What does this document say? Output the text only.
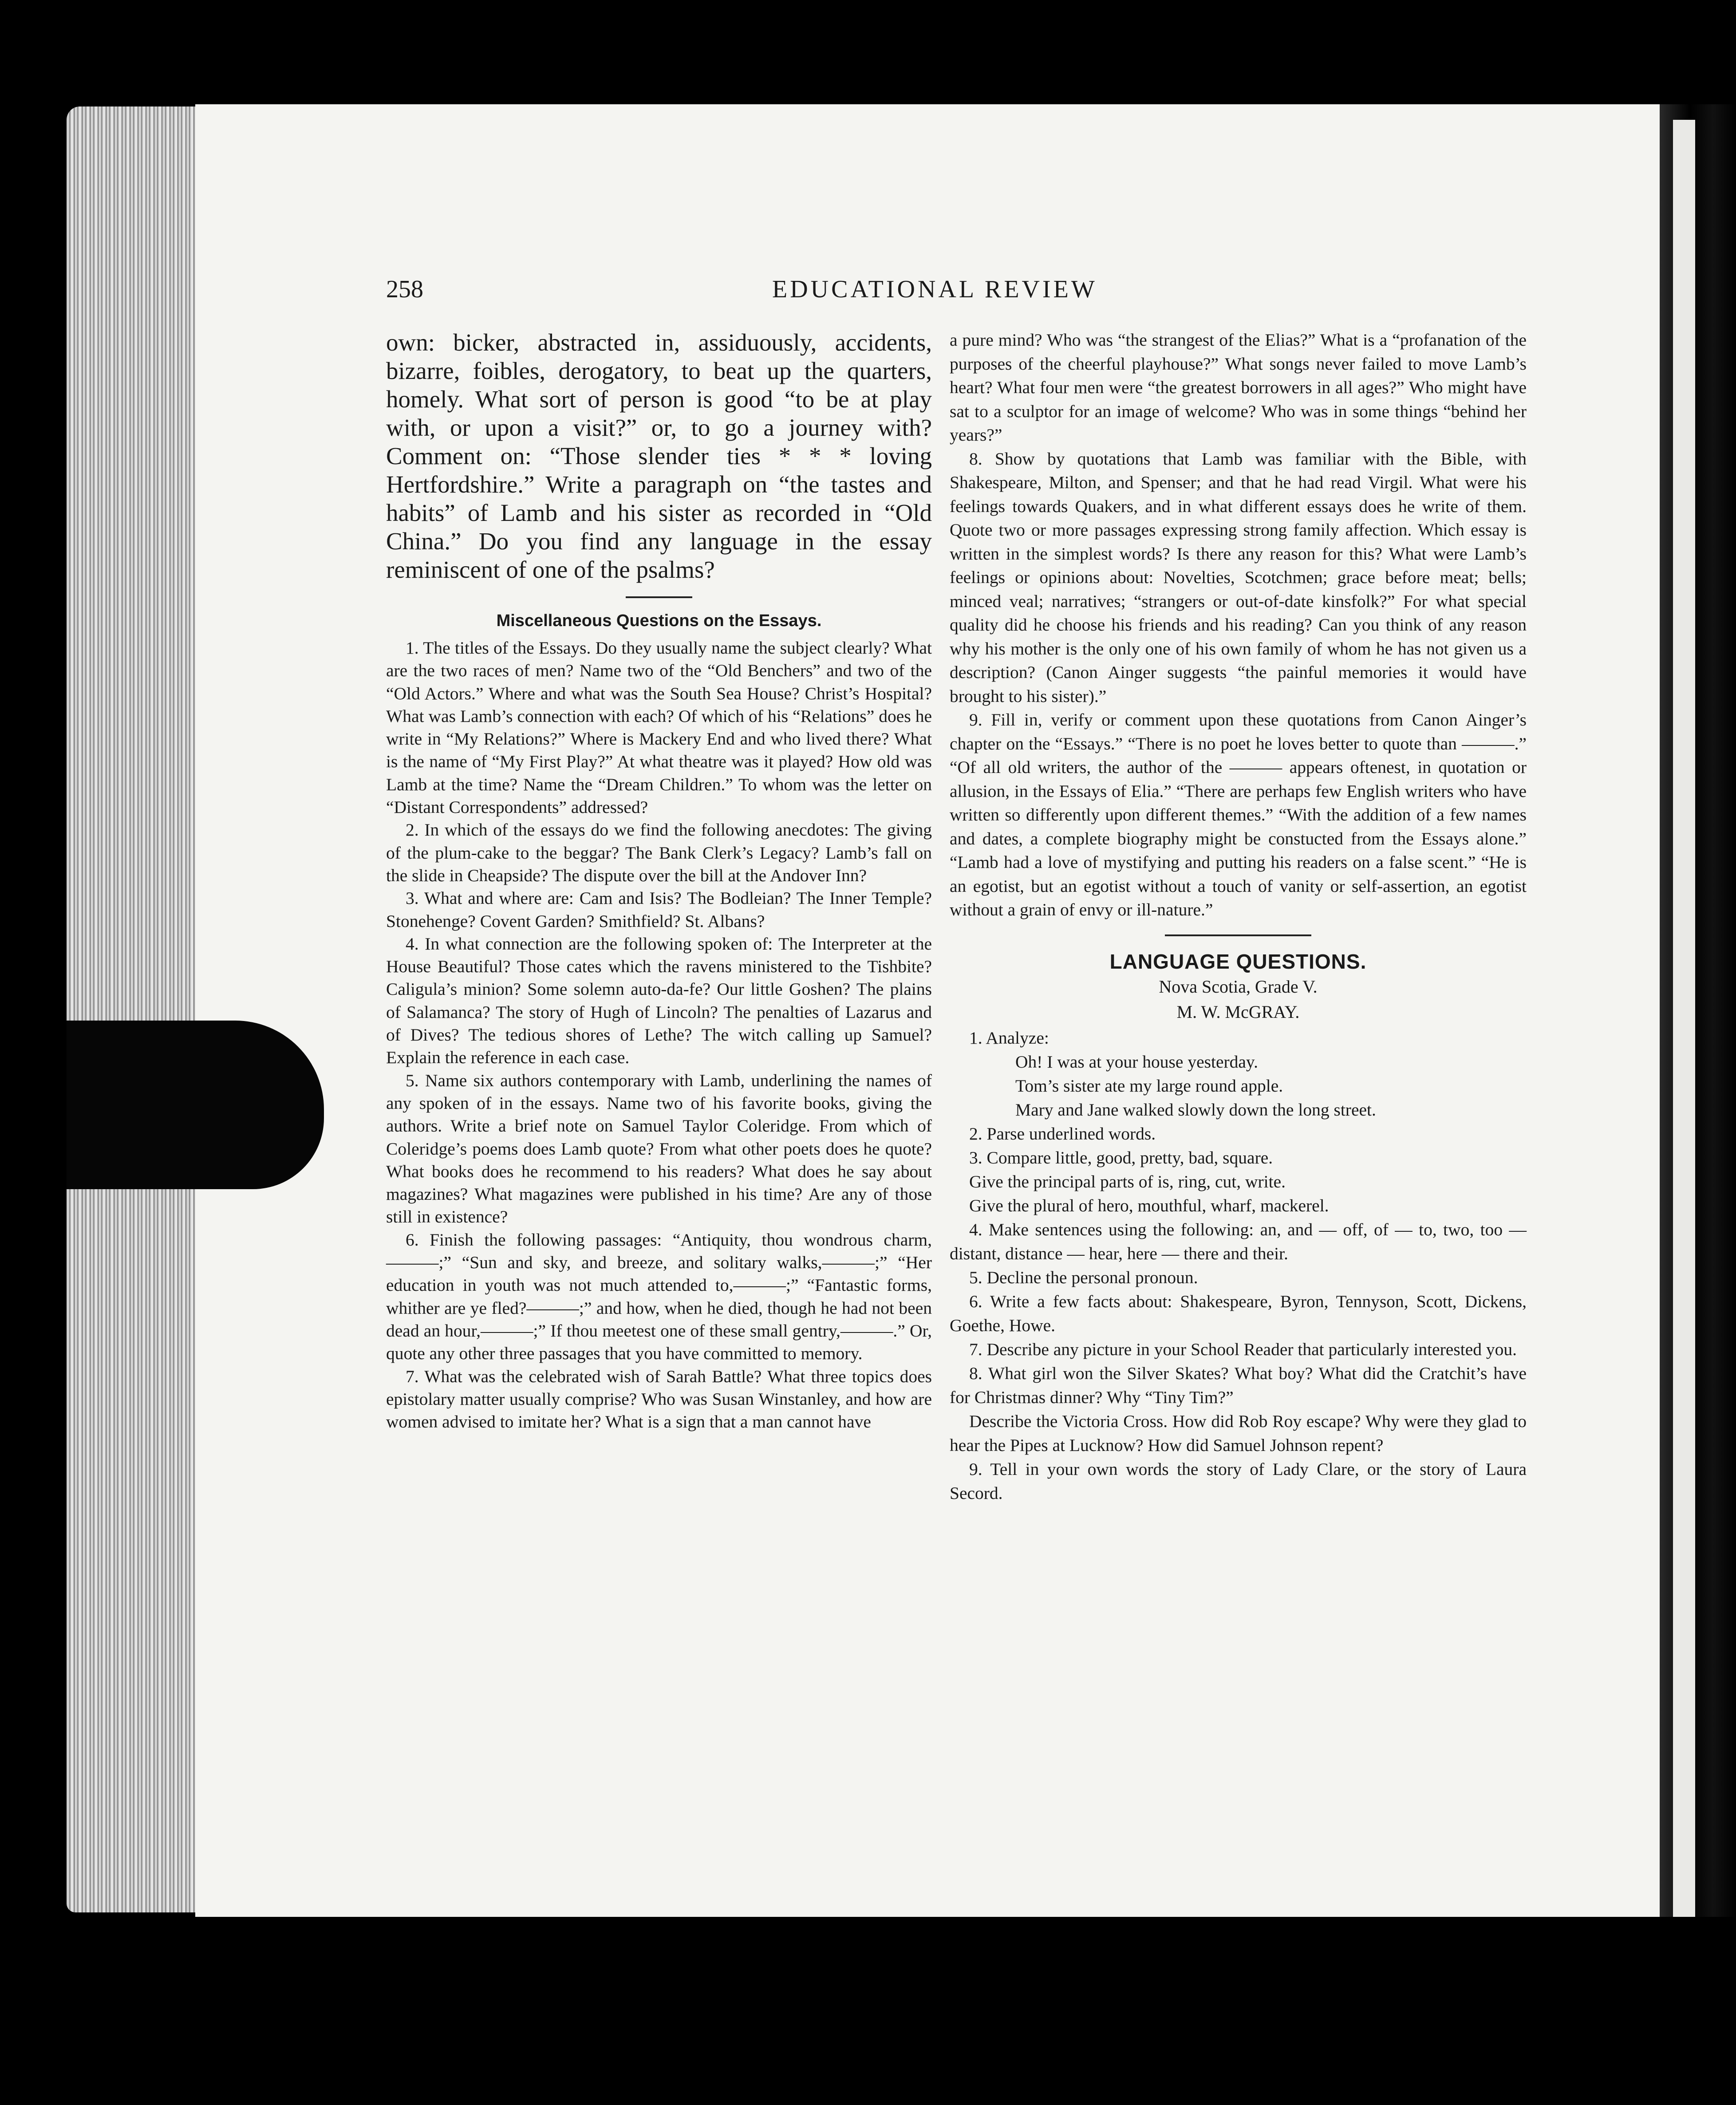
258	EDUCATIONAL REVIEW

own: bicker, abstracted in, assiduously, accidents, bizarre, foibles, derogatory, to beat up the quarters, homely. What sort of person is good “to be at play with, or upon a visit?” or, to go a journey with? Comment on: “Those slender ties * * * loving Hertfordshire.” Write a paragraph on “the tastes and habits” of Lamb and his sister as recorded in “Old China.” Do you find any language in the essay reminiscent of one of the psalms?

Miscellaneous Questions on the Essays.

1. The titles of the Essays. Do they usually name the subject clearly? What are the two races of men? Name two of the “Old Benchers” and two of the “Old Actors.” Where and what was the South Sea House? Christ’s Hospital? What was Lamb’s connection with each? Of which of his “Relations” does he write in “My Relations?” Where is Mackery End and who lived there? What is the name of “My First Play?” At what theatre was it played? How old was Lamb at the time? Name the “Dream Children.” To whom was the letter on “Distant Correspondents” addressed?

2. In which of the essays do we find the following anecdotes: The giving of the plum-cake to the beggar? The Bank Clerk’s Legacy? Lamb’s fall on the slide in Cheapside? The dispute over the bill at the Andover Inn?

3. What and where are: Cam and Isis? The Bodleian? The Inner Temple? Stonehenge? Covent Garden? Smithfield? St. Albans?

4. In what connection are the following spoken of: The Interpreter at the House Beautiful? Those cates which the ravens ministered to the Tishbite? Caligula’s minion? Some solemn auto-da-fe? Our little Goshen? The plains of Salamanca? The story of Hugh of Lincoln? The penalties of Lazarus and of Dives? The tedious shores of Lethe? The witch calling up Samuel? Explain the reference in each case.

5. Name six authors contemporary with Lamb, underlining the names of any spoken of in the essays. Name two of his favorite books, giving the authors. Write a brief note on Samuel Taylor Coleridge. From which of Coleridge’s poems does Lamb quote? From what other poets does he quote? What books does he recommend to his readers? What does he say about magazines? What magazines were published in his time? Are any of those still in existence?

6. Finish the following passages: “Antiquity, thou wondrous charm,———;” “Sun and sky, and breeze, and solitary walks,———;” “Her education in youth was not much attended to,———;” “Fantastic forms, whither are ye fled?———;” and how, when he died, though he had not been dead an hour,———;” If thou meetest one of these small gentry,———.” Or, quote any other three passages that you have committed to memory.

7. What was the celebrated wish of Sarah Battle? What three topics does epistolary matter usually comprise? Who was Susan Winstanley, and how are women advised to imitate her? What is a sign that a man cannot have

a pure mind? Who was “the strangest of the Elias?” What is a “profanation of the purposes of the cheerful playhouse?” What songs never failed to move Lamb’s heart? What four men were “the greatest borrowers in all ages?” Who might have sat to a sculptor for an image of welcome? Who was in some things “behind her years?”

8. Show by quotations that Lamb was familiar with the Bible, with Shakespeare, Milton, and Spenser; and that he had read Virgil. What were his feelings towards Quakers, and in what different essays does he write of them. Quote two or more passages expressing strong family affection. Which essay is written in the simplest words? Is there any reason for this? What were Lamb’s feelings or opinions about: Novelties, Scotchmen; grace before meat; bells; minced veal; narratives; “strangers or out-of-date kinsfolk?” For what special quality did he choose his friends and his reading? Can you think of any reason why his mother is the only one of his own family of whom he has not given us a description? (Canon Ainger suggests “the painful memories it would have brought to his sister).”

9. Fill in, verify or comment upon these quotations from Canon Ainger’s chapter on the “Essays.” “There is no poet he loves better to quote than ———.” “Of all old writers, the author of the ——— appears oftenest, in quotation or allusion, in the Essays of Elia.” “There are perhaps few English writers who have written so differently upon different themes.” “With the addition of a few names and dates, a complete biography might be constucted from the Essays alone.” “Lamb had a love of mystifying and putting his readers on a false scent.” “He is an egotist, but an egotist without a touch of vanity or self-assertion, an egotist without a grain of envy or ill-nature.”

LANGUAGE QUESTIONS.

Nova Scotia, Grade V.

M. W. McGRAY.

1. Analyze:

Oh! I was at your house yesterday.

Tom’s sister ate my large round apple.

Mary and Jane walked slowly down the long street.

2. Parse underlined words.

3. Compare little, good, pretty, bad, square.

Give the principal parts of is, ring, cut, write.

Give the plural of hero, mouthful, wharf, mackerel.

4. Make sentences using the following: an, and — off, of — to, two, too — distant, distance — hear, here — there and their.

5. Decline the personal pronoun.

6. Write a few facts about: Shakespeare, Byron, Tennyson, Scott, Dickens, Goethe, Howe.

7. Describe any picture in your School Reader that particularly interested you.

8. What girl won the Silver Skates? What boy? What did the Cratchit’s have for Christmas dinner? Why “Tiny Tim?”

Describe the Victoria Cross. How did Rob Roy escape? Why were they glad to hear the Pipes at Lucknow? How did Samuel Johnson repent?

9. Tell in your own words the story of Lady Clare, or the story of Laura Secord.
